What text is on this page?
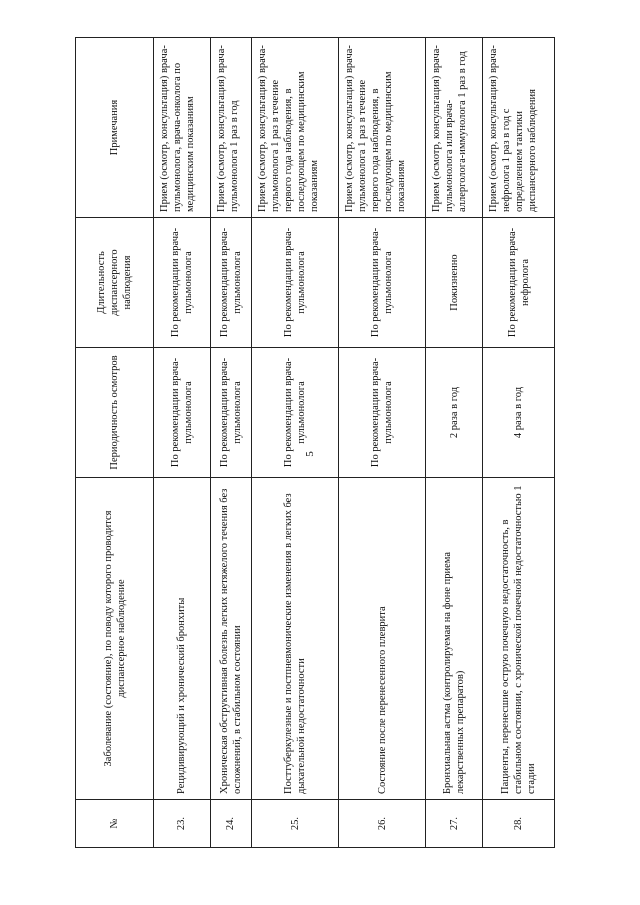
5
№	Заболевание (состояние), по поводу которого проводится диспансерное наблюдение	Периодичность осмотров	Длительность диспансерного наблюдения	Примечания
23.	Рецидивирующий и хронический бронхиты	По рекомендации врача-пульмонолога	По рекомендации врача-пульмонолога	Прием (осмотр, консультация) врача-пульмонолога, врача-онколога по медицинским показаниям
24.	Хроническая обструктивная болезнь легких нетяжелого течения без осложнений, в стабильном состоянии	По рекомендации врача-пульмонолога	По рекомендации врача-пульмонолога	Прием (осмотр, консультация) врача-пульмонолога 1 раз в год
25.	Посттуберкулезные и постпневмонические изменения в легких без дыхательной недостаточности	По рекомендации врача-пульмонолога	По рекомендации врача-пульмонолога	Прием (осмотр, консультация) врача-пульмонолога 1 раз в течение первого года наблюдения, в последующем по медицинским показаниям
26.	Состояние после перенесенного плеврита	По рекомендации врача-пульмонолога	По рекомендации врача-пульмонолога	Прием (осмотр, консультация) врача-пульмонолога 1 раз в течение первого года наблюдения, в последующем по медицинским показаниям
27.	Бронхиальная астма (контролируемая на фоне приема лекарственных препаратов)	2 раза в год	Пожизненно	Прием (осмотр, консультация) врача-пульмонолога или врача-аллерголога-иммунолога 1 раз в год
28.	Пациенты, перенесшие острую почечную недостаточность, в стабильном состоянии, с хронической почечной недостаточностью 1 стадии	4 раза в год	По рекомендации врача-нефролога	Прием (осмотр, консультация) врача-нефролога 1 раз в год с определением тактики диспансерного наблюдения
